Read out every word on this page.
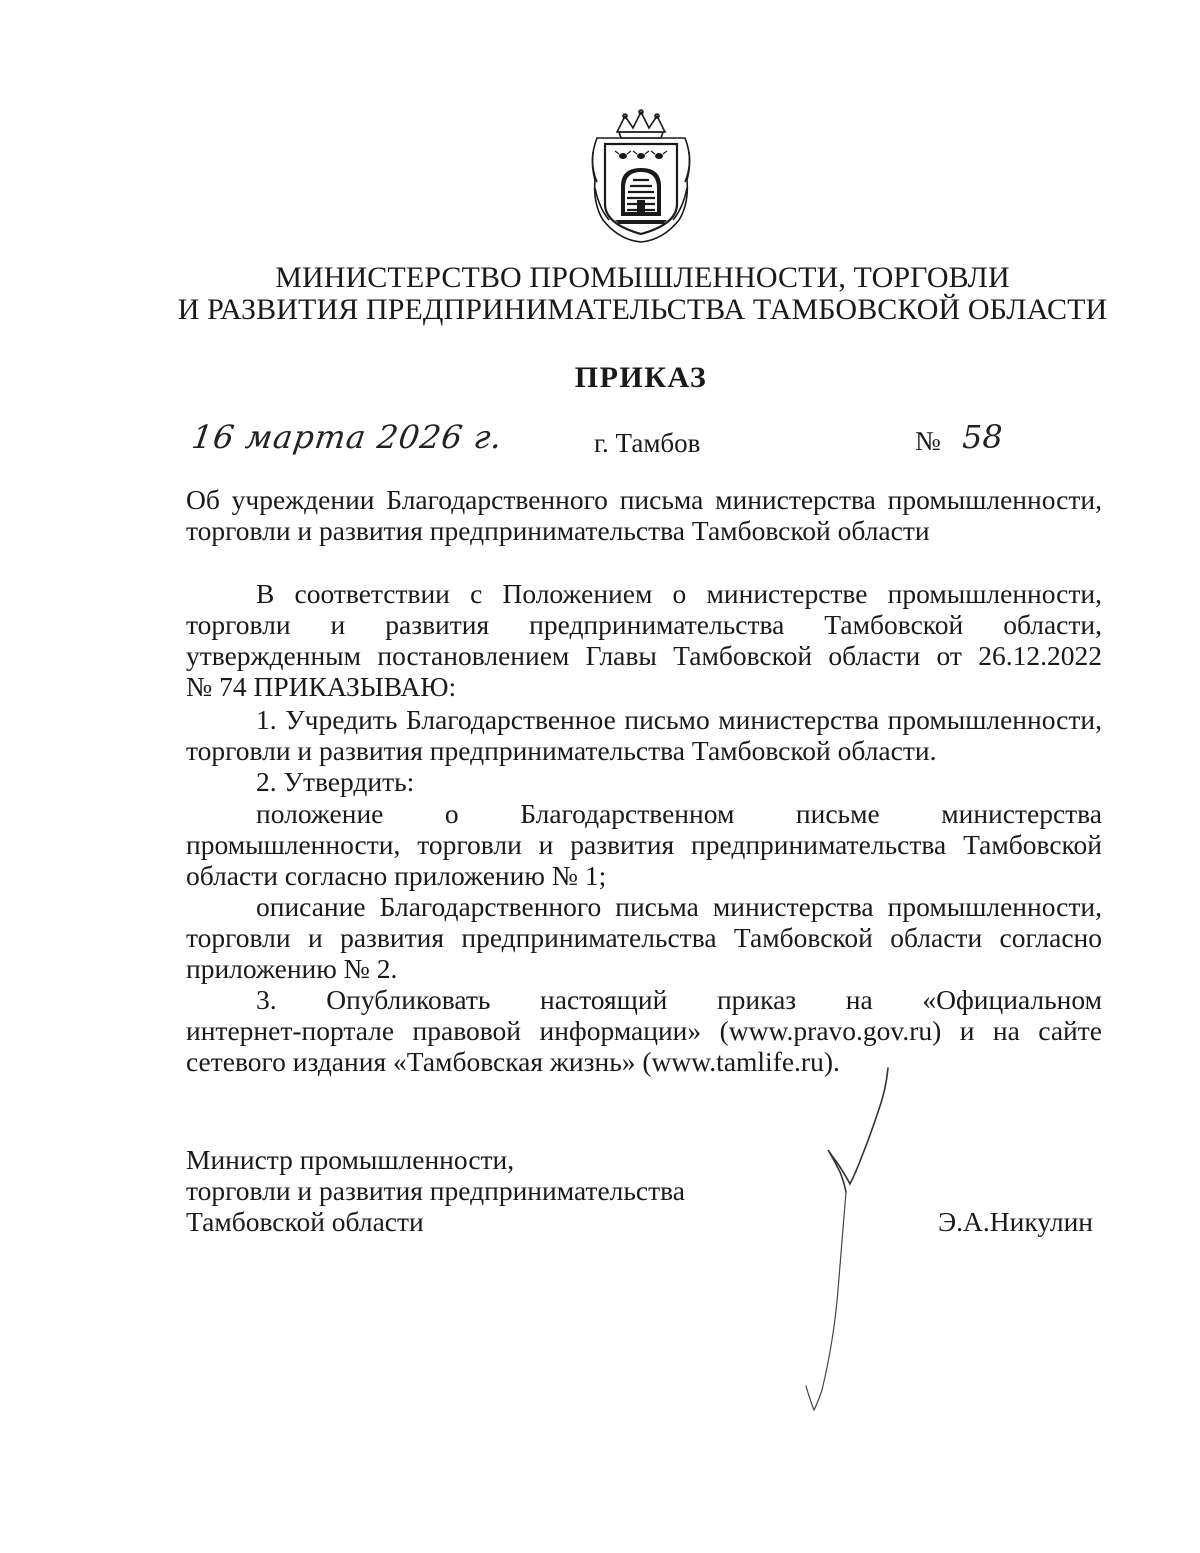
МИНИСТЕРСТВО ПРОМЫШЛЕННОСТИ, ТОРГОВЛИ
И РАЗВИТИЯ ПРЕДПРИНИМАТЕЛЬСТВА ТАМБОВСКОЙ ОБЛАСТИ
ПРИКАЗ
16 марта 2026 г.	г. Тамбов	№ 58
Об учреждении Благодарственного письма министерства промышленности,
торговли и развития предпринимательства Тамбовской области
В соответствии с Положением о министерстве промышленности,
торговли и развития предпринимательства Тамбовской области,
утвержденным постановлением Главы Тамбовской области от 26.12.2022
№ 74 ПРИКАЗЫВАЮ:
1. Учредить Благодарственное письмо министерства промышленности,
торговли и развития предпринимательства Тамбовской области.
2. Утвердить:
положение о Благодарственном письме министерства
промышленности, торговли и развития предпринимательства Тамбовской
области согласно приложению № 1;
описание Благодарственного письма министерства промышленности,
торговли и развития предпринимательства Тамбовской области согласно
приложению № 2.
3. Опубликовать настоящий приказ на «Официальном
интернет-портале правовой информации» (www.pravo.gov.ru) и на сайте
сетевого издания «Тамбовская жизнь» (www.tamlife.ru).
Министр промышленности,
торговли и развития предпринимательства
Тамбовской области	Э.А.Никулин
